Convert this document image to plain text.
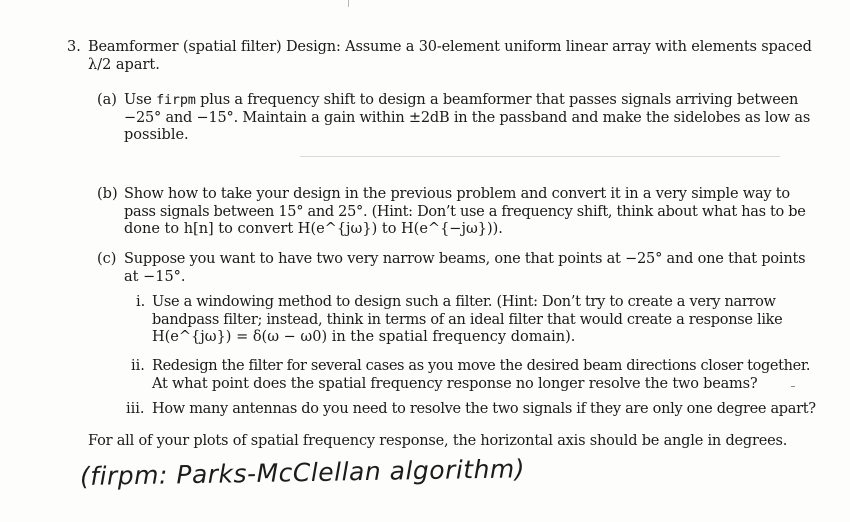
3. Beamformer (spatial filter) Design: Assume a 30-element uniform linear array with elements spaced
λ/2 apart.

(a) Use firpm plus a frequency shift to design a beamformer that passes signals arriving between
−25° and −15°. Maintain a gain within ±2dB in the passband and make the sidelobes as low as
possible.

(b) Show how to take your design in the previous problem and convert it in a very simple way to
pass signals between 15° and 25°. (Hint: Don’t use a frequency shift, think about what has to be
done to h[n] to convert H(e^{jω}) to H(e^{−jω})).

(c) Suppose you want to have two very narrow beams, one that points at −25° and one that points
at −15°.

i. Use a windowing method to design such a filter. (Hint: Don’t try to create a very narrow
bandpass filter; instead, think in terms of an ideal filter that would create a response like
H(e^{jω}) = δ(ω − ω0) in the spatial frequency domain).

ii. Redesign the filter for several cases as you move the desired beam directions closer together.
At what point does the spatial frequency response no longer resolve the two beams?

iii. How many antennas do you need to resolve the two signals if they are only one degree apart?

For all of your plots of spatial frequency response, the horizontal axis should be angle in degrees.

(firpm: Parks-McClellan algorithm)
